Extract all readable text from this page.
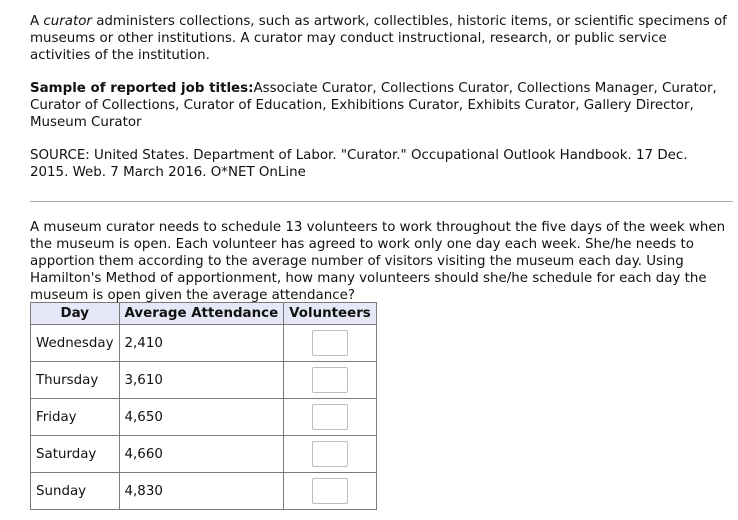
A curator administers collections, such as artwork, collectibles, historic items, or scientific specimens of museums or other institutions. A curator may conduct instructional, research, or public service activities of the institution.

Sample of reported job titles:Associate Curator, Collections Curator, Collections Manager, Curator, Curator of Collections, Curator of Education, Exhibitions Curator, Exhibits Curator, Gallery Director, Museum Curator

SOURCE: United States. Department of Labor. "Curator." Occupational Outlook Handbook. 17 Dec. 2015. Web. 7 March 2016. O*NET OnLine

A museum curator needs to schedule 13 volunteers to work throughout the five days of the week when the museum is open. Each volunteer has agreed to work only one day each week. She/he needs to apportion them according to the average number of visitors visiting the museum each day. Using Hamilton's Method of apportionment, how many volunteers should she/he schedule for each day the museum is open given the average attendance?

Day	Average Attendance	Volunteers
Wednesday	2,410	
Thursday	3,610	
Friday	4,650	
Saturday	4,660	
Sunday	4,830	
